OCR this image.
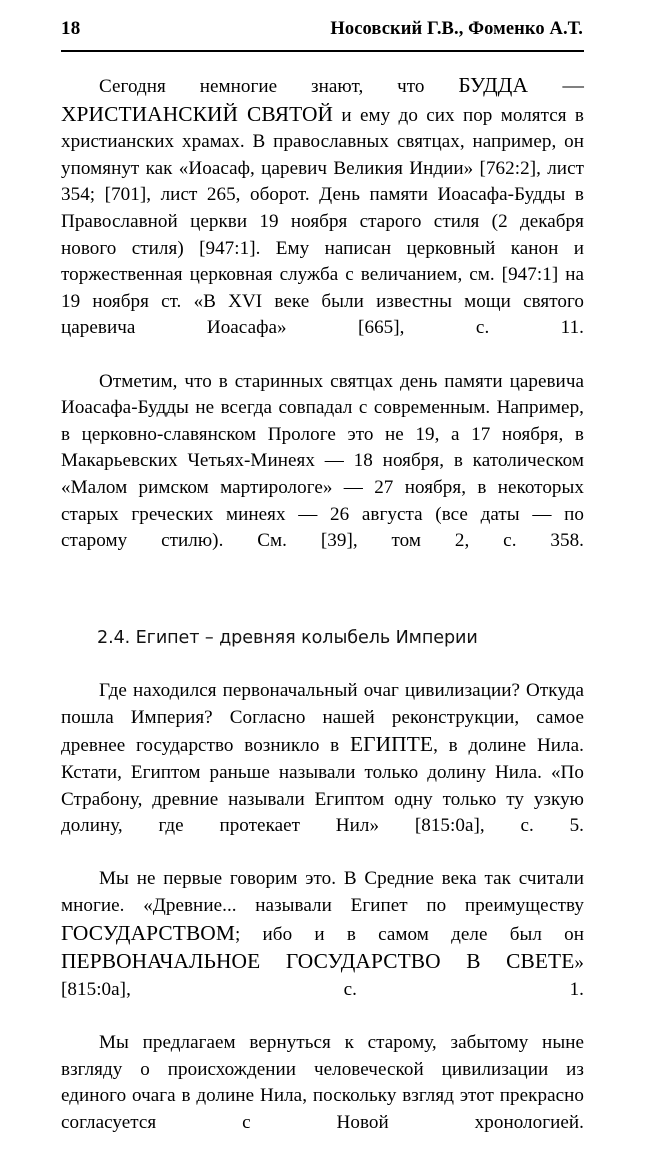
18	Носовский Г.В., Фоменко А.Т.

Сегодня немногие знают, что БУДДА — ХРИСТИАНСКИЙ СВЯТОЙ и ему до сих пор молятся в христианских храмах. В православных святцах, например, он упомянут как «Иоасаф, царевич Великия Индии» [762:2], лист 354; [701], лист 265, оборот. День памяти Иоасафа-Будды в Православной церкви 19 ноября старого стиля (2 декабря нового стиля) [947:1]. Ему написан церковный канон и торжественная церковная служба с величанием, см. [947:1] на 19 ноября ст. «В XVI веке были известны мощи святого царевича Иоасафа» [665], с. 11.

Отметим, что в старинных святцах день памяти царевича Иоасафа-Будды не всегда совпадал с современным. Например, в церковно-славянском Прологе это не 19, а 17 ноября, в Макарьевских Четьях-Минеях — 18 ноября, в католическом «Малом римском мартирологе» — 27 ноября, в некоторых старых греческих минеях — 26 августа (все даты — по старому стилю). См. [39], том 2, с. 358.

2.4. Египет – древняя колыбель Империи

Где находился первоначальный очаг цивилизации? Откуда пошла Империя? Согласно нашей реконструкции, самое древнее государство возникло в ЕГИПТЕ, в долине Нила. Кстати, Египтом раньше называли только долину Нила. «По Страбону, древние называли Египтом одну только ту узкую долину, где протекает Нил» [815:0a], с. 5.

Мы не первые говорим это. В Средние века так считали многие. «Древние... называли Египет по преимуществу ГОСУДАРСТВОМ; ибо и в самом деле был он ПЕРВОНАЧАЛЬНОЕ ГОСУДАРСТВО В СВЕТЕ» [815:0a], с. 1.

Мы предлагаем вернуться к старому, забытому ныне взгляду о происхождении человеческой цивилизации из единого очага в долине Нила, поскольку взгляд этот прекрасно согласуется с Новой хронологией.
